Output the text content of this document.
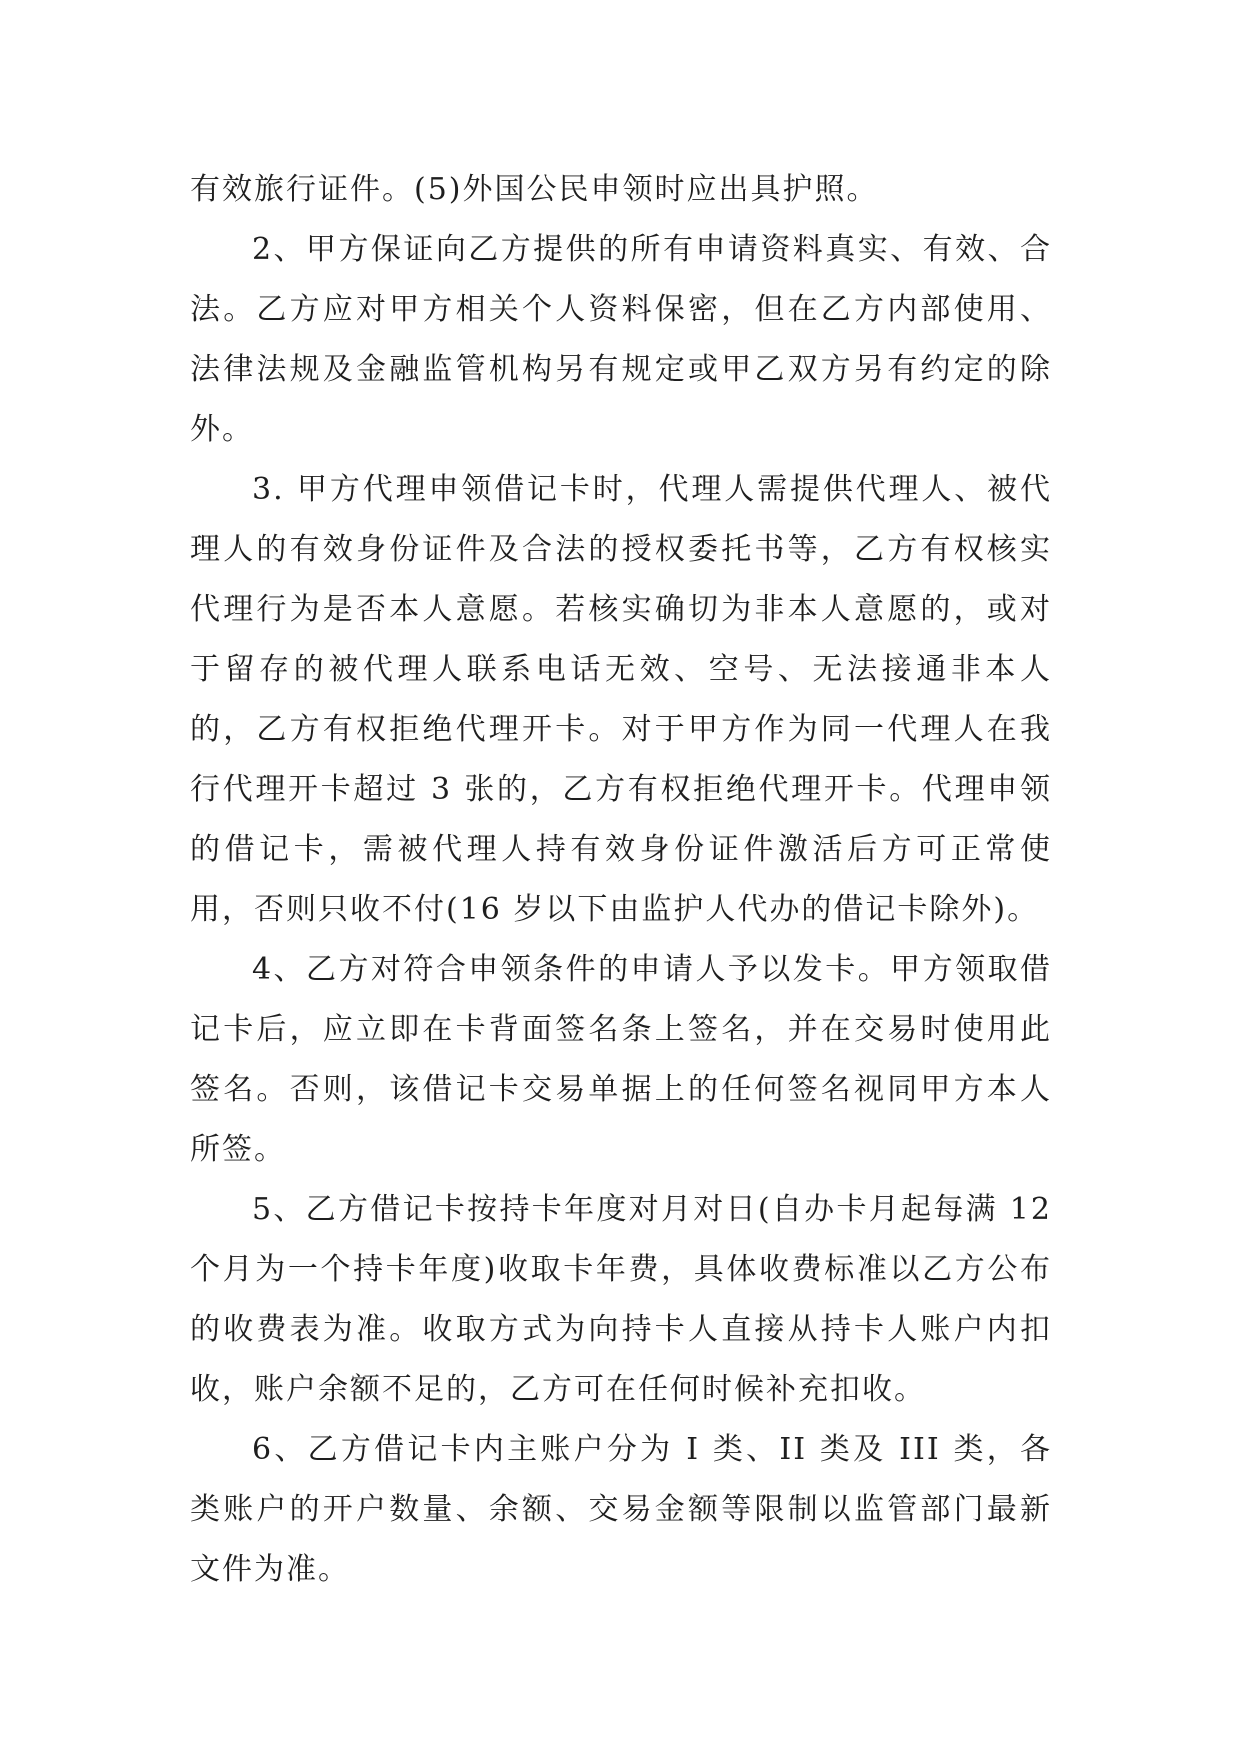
有效旅行证件。(5)外国公民申领时应出具护照。

2、甲方保证向乙方提供的所有申请资料真实、有效、合法。乙方应对甲方相关个人资料保密，但在乙方内部使用、法律法规及金融监管机构另有规定或甲乙双方另有约定的除外。

3. 甲方代理申领借记卡时，代理人需提供代理人、被代理人的有效身份证件及合法的授权委托书等，乙方有权核实代理行为是否本人意愿。若核实确切为非本人意愿的，或对于留存的被代理人联系电话无效、空号、无法接通非本人的，乙方有权拒绝代理开卡。对于甲方作为同一代理人在我行代理开卡超过 3 张的，乙方有权拒绝代理开卡。代理申领的借记卡，需被代理人持有效身份证件激活后方可正常使用，否则只收不付(16 岁以下由监护人代办的借记卡除外)。

4、乙方对符合申领条件的申请人予以发卡。甲方领取借记卡后，应立即在卡背面签名条上签名，并在交易时使用此签名。否则，该借记卡交易单据上的任何签名视同甲方本人所签。

5、乙方借记卡按持卡年度对月对日(自办卡月起每满 12 个月为一个持卡年度)收取卡年费，具体收费标准以乙方公布的收费表为准。收取方式为向持卡人直接从持卡人账户内扣收，账户余额不足的，乙方可在任何时候补充扣收。

6、乙方借记卡内主账户分为 I 类、II 类及 III 类，各类账户的开户数量、余额、交易金额等限制以监管部门最新文件为准。
